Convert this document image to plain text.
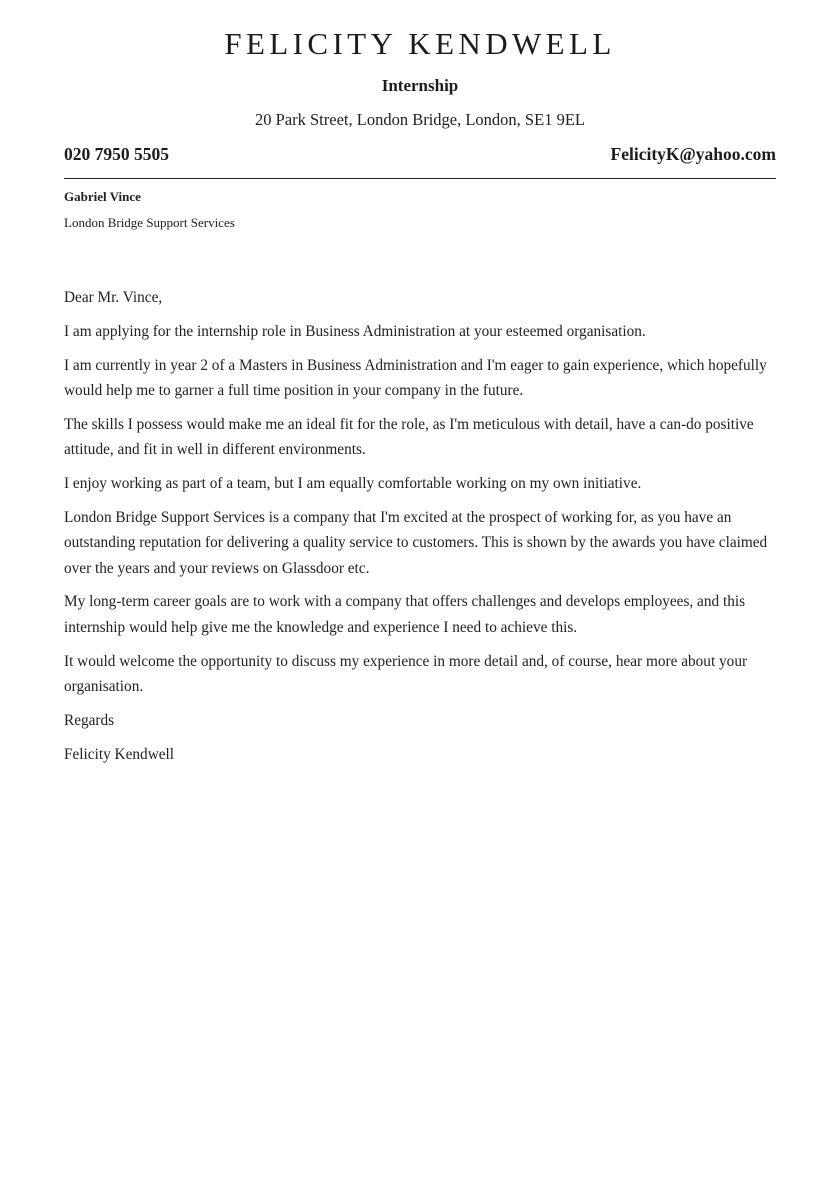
FELICITY KENDWELL
Internship
20 Park Street, London Bridge, London, SE1 9EL
020 7950 5505	FelicityK@yahoo.com
Gabriel Vince
London Bridge Support Services

Dear Mr. Vince,

I am applying for the internship role in Business Administration at your esteemed organisation.

I am currently in year 2 of a Masters in Business Administration and I'm eager to gain experience, which hopefully would help me to garner a full time position in your company in the future.

The skills I possess would make me an ideal fit for the role, as I'm meticulous with detail, have a can-do positive attitude, and fit in well in different environments.

I enjoy working as part of a team, but I am equally comfortable working on my own initiative.

London Bridge Support Services is a company that I'm excited at the prospect of working for, as you have an outstanding reputation for delivering a quality service to customers. This is shown by the awards you have claimed over the years and your reviews on Glassdoor etc.

My long-term career goals are to work with a company that offers challenges and develops employees, and this internship would help give me the knowledge and experience I need to achieve this.

It would welcome the opportunity to discuss my experience in more detail and, of course, hear more about your organisation.

Regards

Felicity Kendwell
